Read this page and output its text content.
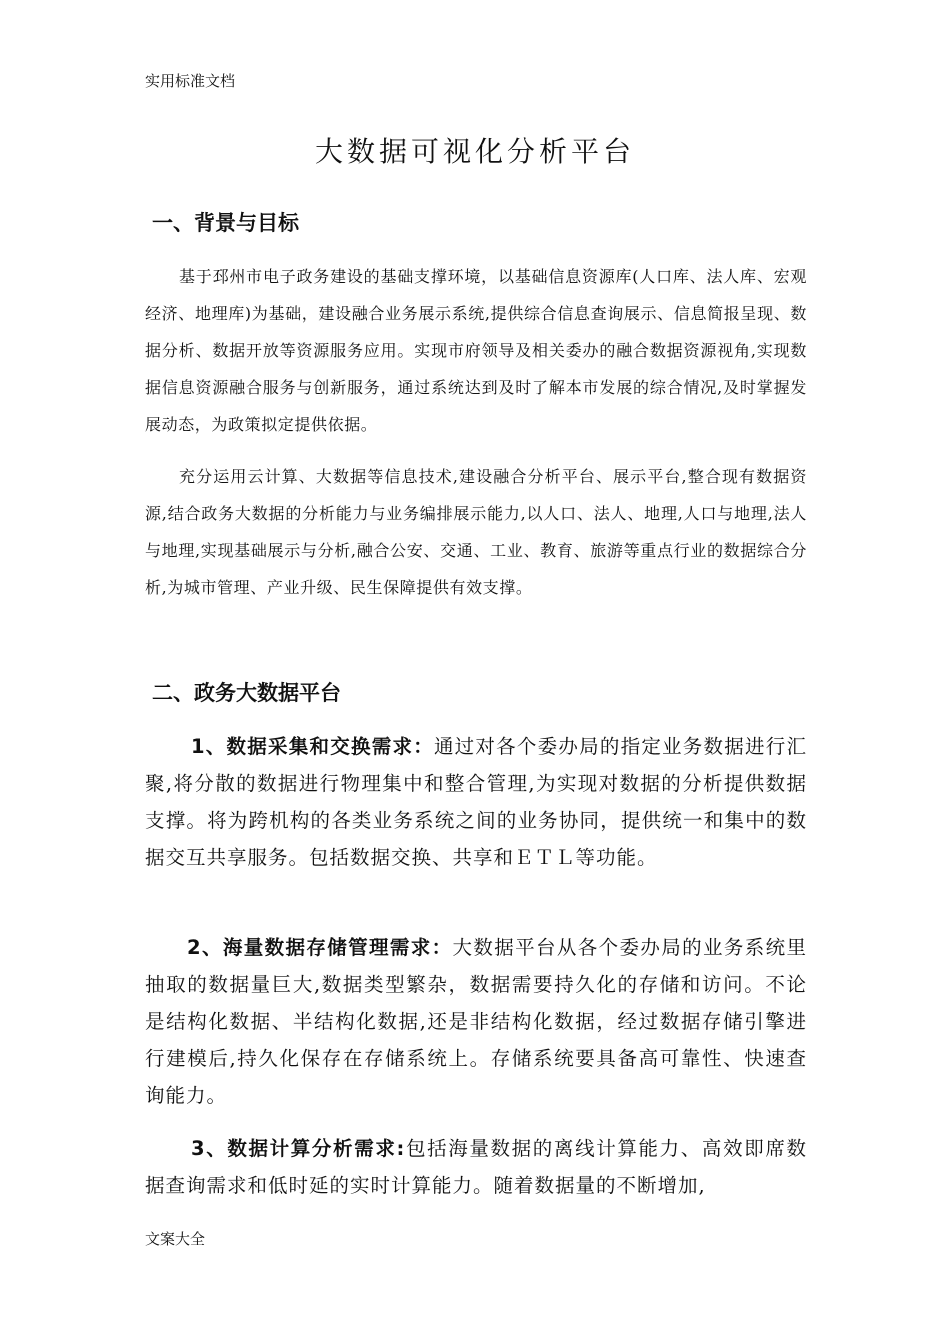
实用标准文档
大数据可视化分析平台
一、背景与目标

基于邳州市电子政务建设的基础支撑环境，以基础信息资源库(人口库、法人库、宏观经济、地理库)为基础，建设融合业务展示系统,提供综合信息查询展示、信息简报呈现、数据分析、数据开放等资源服务应用。实现市府领导及相关委办的融合数据资源视角,实现数据信息资源融合服务与创新服务，通过系统达到及时了解本市发展的综合情况,及时掌握发展动态，为政策拟定提供依据。

充分运用云计算、大数据等信息技术,建设融合分析平台、展示平台,整合现有数据资源,结合政务大数据的分析能力与业务编排展示能力,以人口、法人、地理,人口与地理,法人与地理,实现基础展示与分析,融合公安、交通、工业、教育、旅游等重点行业的数据综合分析,为城市管理、产业升级、民生保障提供有效支撑。

二、政务大数据平台

1、数据采集和交换需求：通过对各个委办局的指定业务数据进行汇聚,将分散的数据进行物理集中和整合管理,为实现对数据的分析提供数据支撑。将为跨机构的各类业务系统之间的业务协同，提供统一和集中的数据交互共享服务。包括数据交换、共享和ＥＴＬ等功能。

2、海量数据存储管理需求：大数据平台从各个委办局的业务系统里抽取的数据量巨大,数据类型繁杂，数据需要持久化的存储和访问。不论是结构化数据、半结构化数据,还是非结构化数据，经过数据存储引擎进行建模后,持久化保存在存储系统上。存储系统要具备高可靠性、快速查询能力。

3、数据计算分析需求:包括海量数据的离线计算能力、高效即席数据查询需求和低时延的实时计算能力。随着数据量的不断增加,

文案大全
